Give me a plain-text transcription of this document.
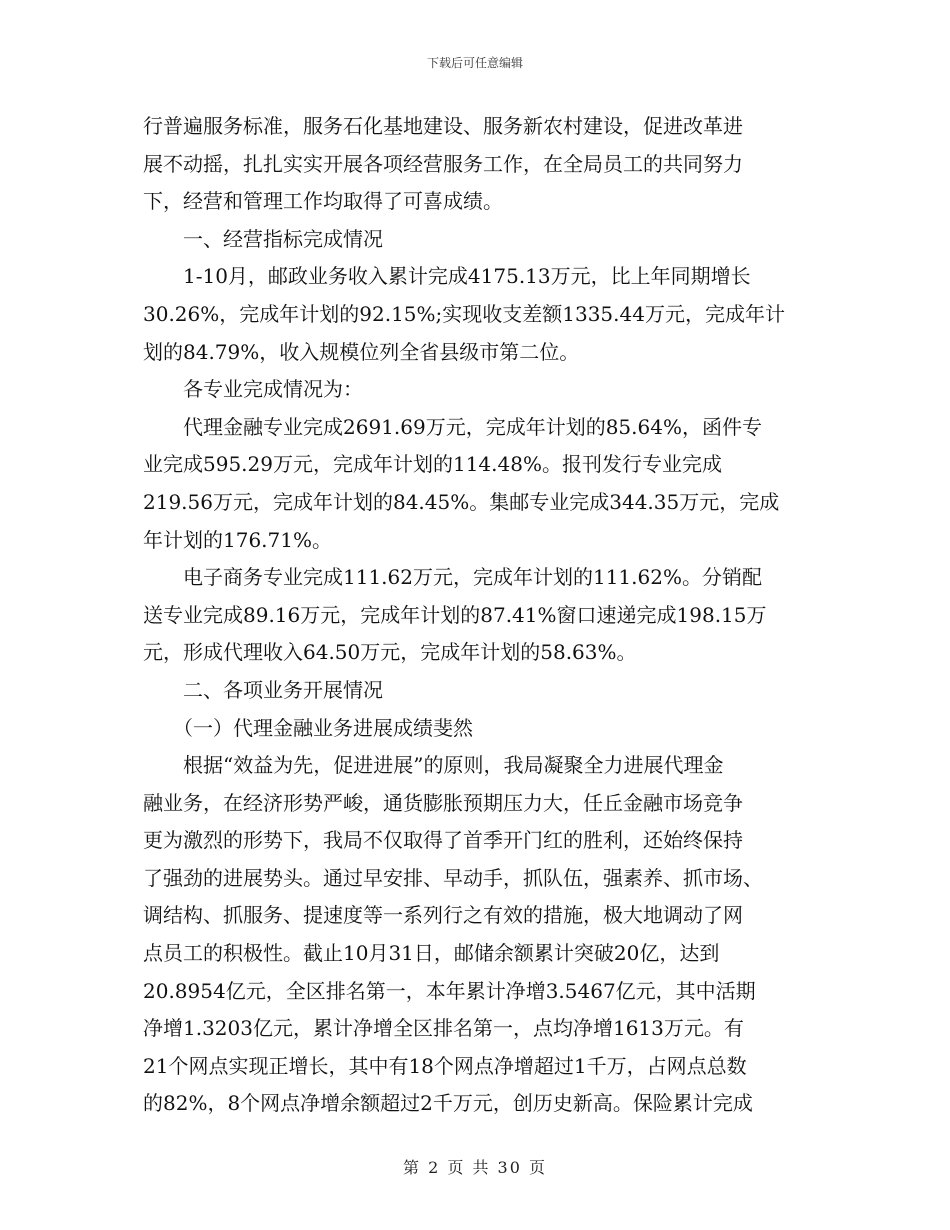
下载后可任意编辑
行普遍服务标准，服务石化基地建设、服务新农村建设，促进改革进
展不动摇，扎扎实实开展各项经营服务工作，在全局员工的共同努力
下，经营和管理工作均取得了可喜成绩。
　　一、经营指标完成情况
　　1-10月，邮政业务收入累计完成4175.13万元，比上年同期增长
30.26%，完成年计划的92.15%;实现收支差额1335.44万元，完成年计
划的84.79%，收入规模位列全省县级市第二位。
　　各专业完成情况为：
　　代理金融专业完成2691.69万元，完成年计划的85.64%，函件专
业完成595.29万元，完成年计划的114.48%。报刊发行专业完成
219.56万元，完成年计划的84.45%。集邮专业完成344.35万元，完成
年计划的176.71%。
　　电子商务专业完成111.62万元，完成年计划的111.62%。分销配
送专业完成89.16万元，完成年计划的87.41%窗口速递完成198.15万
元，形成代理收入64.50万元，完成年计划的58.63%。
　　二、各项业务开展情况
　　（一）代理金融业务进展成绩斐然
　　根据“效益为先，促进进展”的原则，我局凝聚全力进展代理金
融业务，在经济形势严峻，通货膨胀预期压力大，任丘金融市场竞争
更为激烈的形势下，我局不仅取得了首季开门红的胜利，还始终保持
了强劲的进展势头。通过早安排、早动手，抓队伍，强素养、抓市场、
调结构、抓服务、提速度等一系列行之有效的措施，极大地调动了网
点员工的积极性。截止10月31日，邮储余额累计突破20亿，达到
20.8954亿元，全区排名第一，本年累计净增3.5467亿元，其中活期
净增1.3203亿元，累计净增全区排名第一，点均净增1613万元。有
21个网点实现正增长，其中有18个网点净增超过1千万，占网点总数
的82%，8个网点净增余额超过2千万元，创历史新高。保险累计完成
第 2 页 共 30 页
